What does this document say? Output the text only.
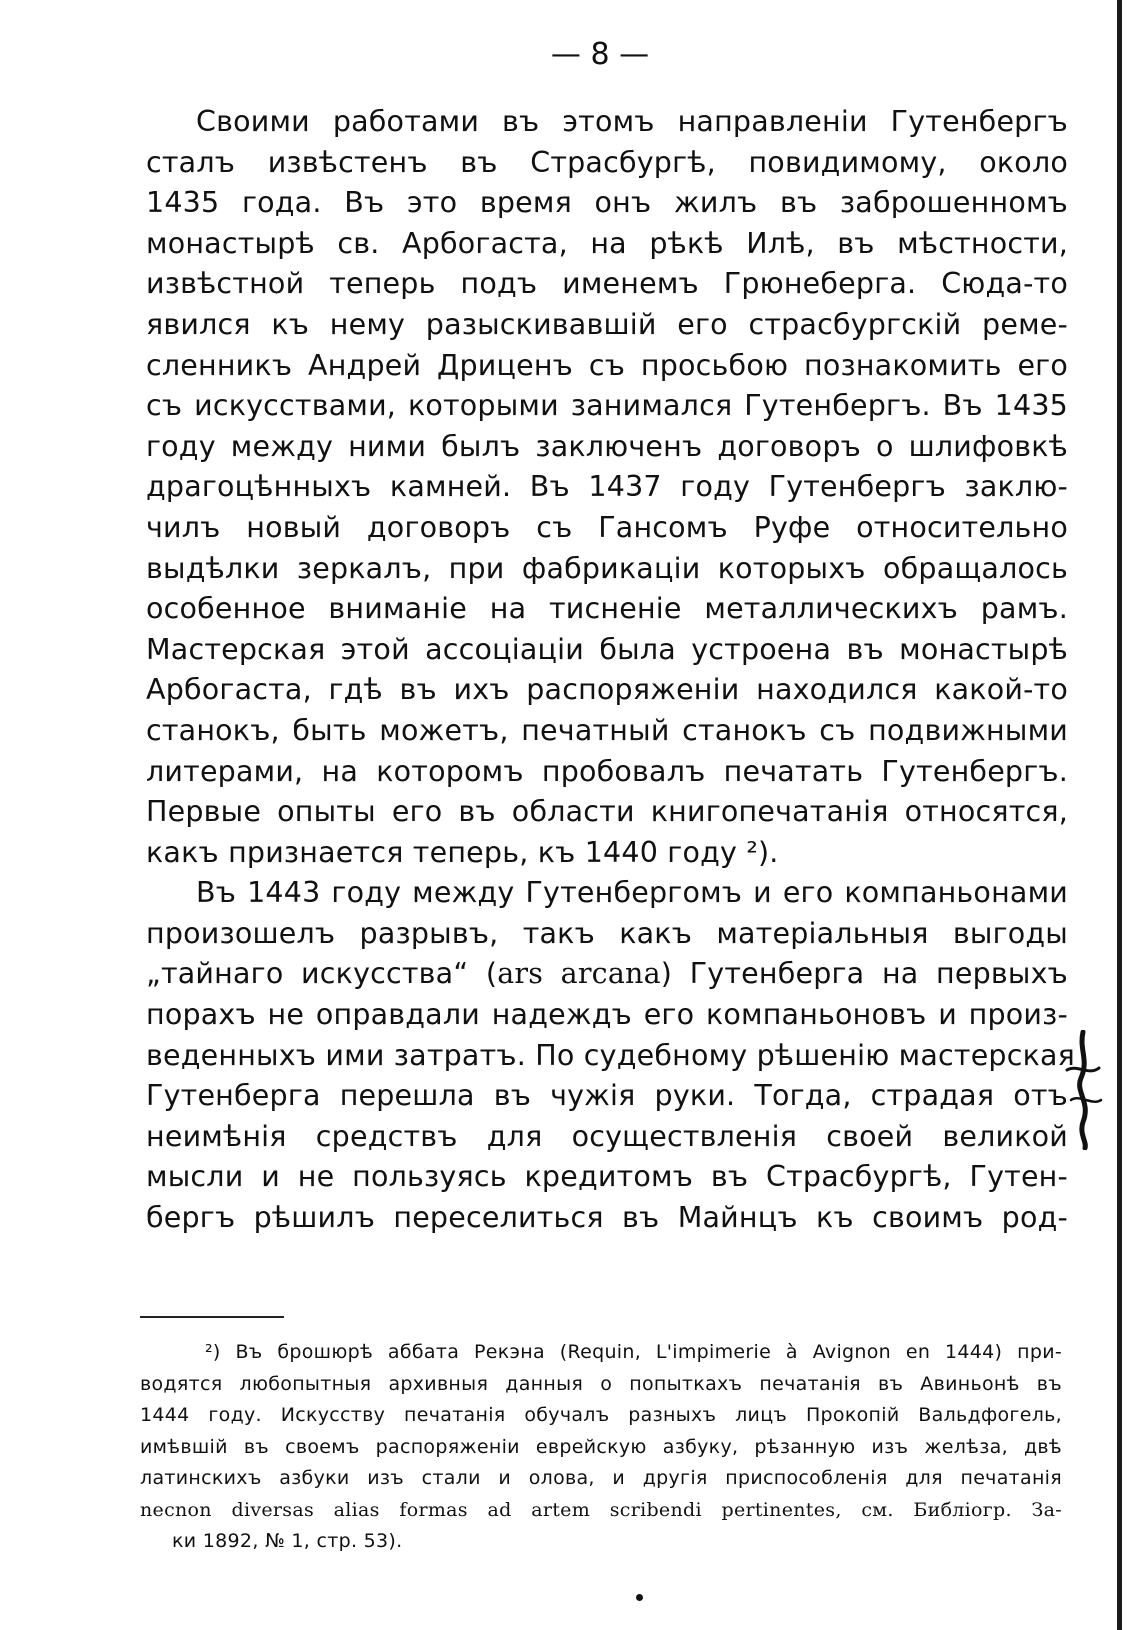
— 8 —
Своими работами въ этомъ направленіи Гутенбергъ
сталъ извѣстенъ въ Страсбургѣ, повидимому, около
1435 года. Въ это время онъ жилъ въ заброшенномъ
монастырѣ св. Арбогаста, на рѣкѣ Илѣ, въ мѣстности,
извѣстной теперь подъ именемъ Грюнеберга. Сюда-то
явился къ нему разыскивавшій его страсбургскій реме-
сленникъ Андрей Дриценъ съ просьбою познакомить его
съ искусствами, которыми занимался Гутенбергъ. Въ 1435
году между ними былъ заключенъ договоръ о шлифовкѣ
драгоцѣнныхъ камней. Въ 1437 году Гутенбергъ заклю-
чилъ новый договоръ съ Гансомъ Руфе относительно
выдѣлки зеркалъ, при фабрикаціи которыхъ обращалось
особенное вниманіе на тисненіе металлическихъ рамъ.
Мастерская этой ассоціаціи была устроена въ монастырѣ
Арбогаста, гдѣ въ ихъ распоряженіи находился какой-то
станокъ, быть можетъ, печатный станокъ съ подвижными
литерами, на которомъ пробовалъ печатать Гутенбергъ.
Первые опыты его въ области книгопечатанія относятся,
какъ признается теперь, къ 1440 году ²).
Въ 1443 году между Гутенбергомъ и его компаньонами
произошелъ разрывъ, такъ какъ матеріальныя выгоды
„тайнаго искусства“ (ars arcana) Гутенберга на первыхъ
порахъ не оправдали надеждъ его компаньоновъ и произ-
веденныхъ ими затратъ. По судебному рѣшенію мастерская
Гутенберга перешла въ чужія руки. Тогда, страдая отъ
неимѣнія средствъ для осуществленія своей великой
мысли и не пользуясь кредитомъ въ Страсбургѣ, Гутен-
бергъ рѣшилъ переселиться въ Майнцъ къ своимъ род-
²) Въ брошюрѣ аббата Рекэна (Requin, L'impimerie à Avignon en 1444) при-
водятся любопытныя архивныя данныя о попыткахъ печатанія въ Авиньонѣ въ
1444 году. Искусству печатанія обучалъ разныхъ лицъ Прокопій Вальдфогель,
имѣвшій въ своемъ распоряженіи еврейскую азбуку, рѣзанную изъ желѣза, двѣ
латинскихъ азбуки изъ стали и олова, и другія приспособленія для печатанія
necnon diversas alias formas ad artem scribendi pertinentes, см. Библіогр. За-
ки 1892, № 1, стр. 53).
